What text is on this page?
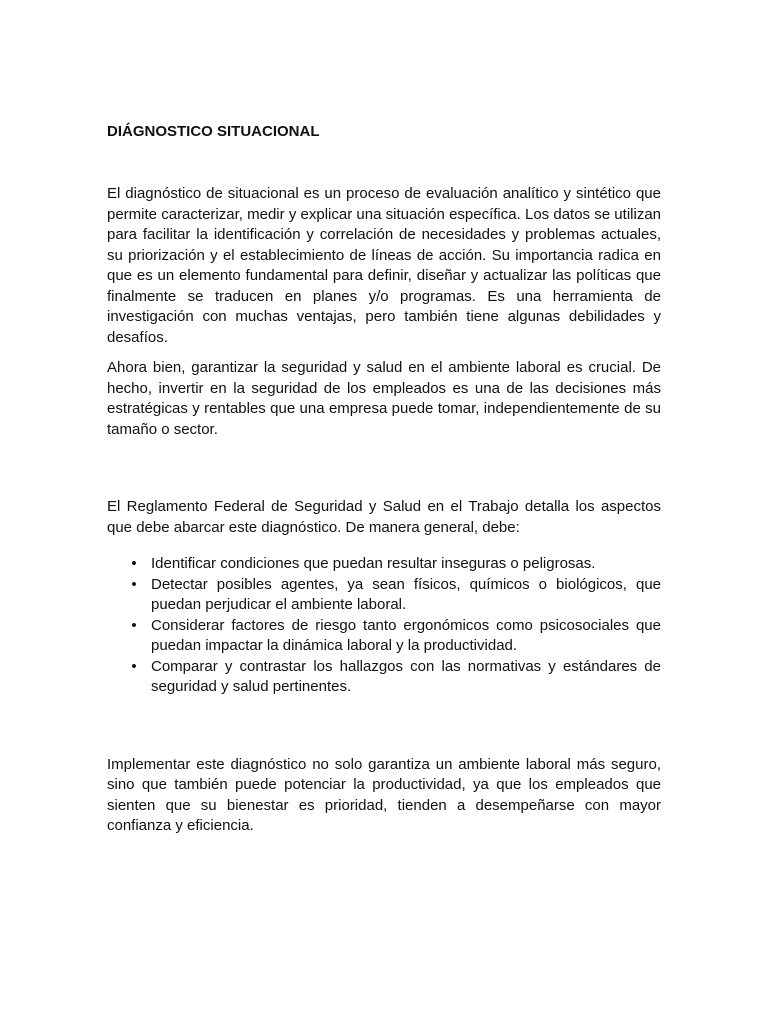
DIÁGNOSTICO SITUACIONAL

El diagnóstico de situacional es un proceso de evaluación analítico y sintético que permite caracterizar, medir y explicar una situación específica. Los datos se utilizan para facilitar la identificación y correlación de necesidades y problemas actuales, su priorización y el establecimiento de líneas de acción. Su importancia radica en que es un elemento fundamental para definir, diseñar y actualizar las políticas que finalmente se traducen en planes y/o programas. Es una herramienta de investigación con muchas ventajas, pero también tiene algunas debilidades y desafíos.

Ahora bien, garantizar la seguridad y salud en el ambiente laboral es crucial. De hecho, invertir en la seguridad de los empleados es una de las decisiones más estratégicas y rentables que una empresa puede tomar, independientemente de su tamaño o sector.

El Reglamento Federal de Seguridad y Salud en el Trabajo detalla los aspectos que debe abarcar este diagnóstico. De manera general, debe:

• Identificar condiciones que puedan resultar inseguras o peligrosas.
• Detectar posibles agentes, ya sean físicos, químicos o biológicos, que puedan perjudicar el ambiente laboral.
• Considerar factores de riesgo tanto ergonómicos como psicosociales que puedan impactar la dinámica laboral y la productividad.
• Comparar y contrastar los hallazgos con las normativas y estándares de seguridad y salud pertinentes.

Implementar este diagnóstico no solo garantiza un ambiente laboral más seguro, sino que también puede potenciar la productividad, ya que los empleados que sienten que su bienestar es prioridad, tienden a desempeñarse con mayor confianza y eficiencia.
